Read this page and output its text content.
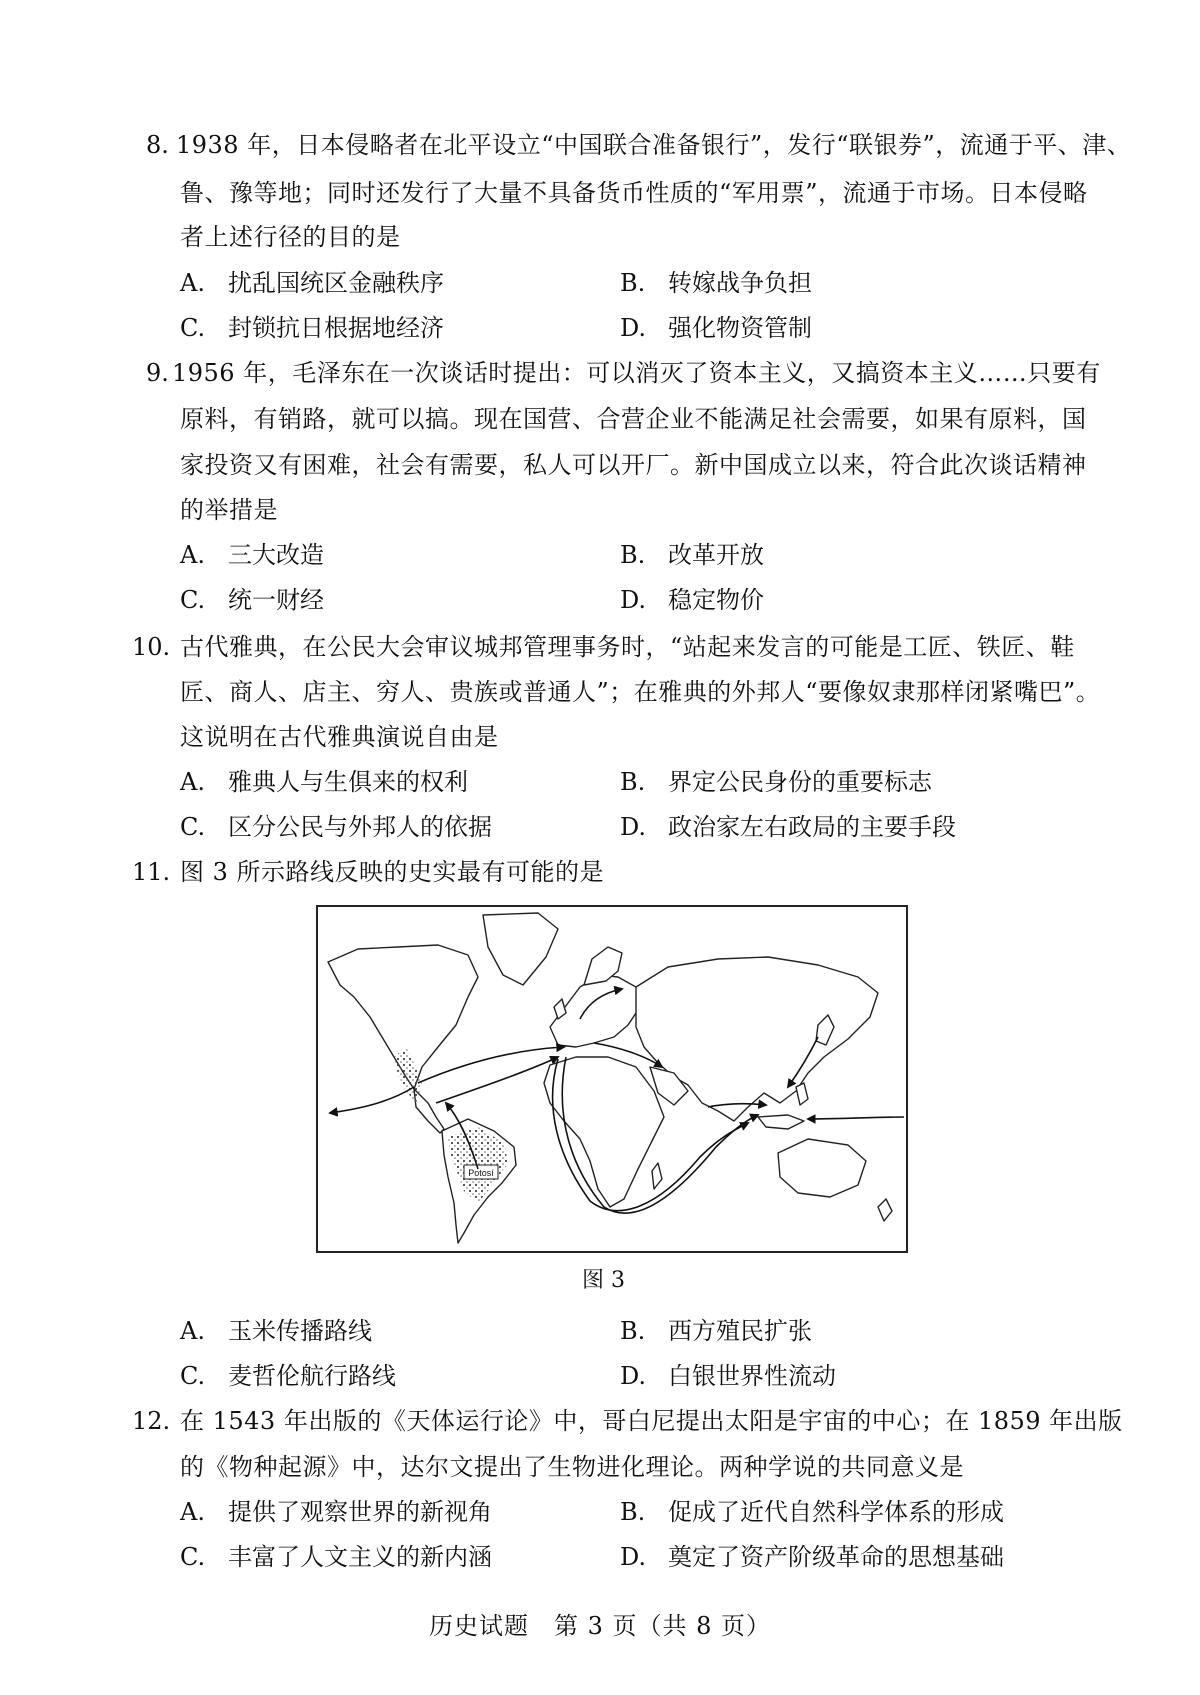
8. 1938 年，日本侵略者在北平设立“中国联合准备银行”，发行“联银券”，流通于平、津、
鲁、豫等地；同时还发行了大量不具备货币性质的“军用票”，流通于市场。日本侵略
者上述行径的目的是
A. 扰乱国统区金融秩序	B. 转嫁战争负担
C. 封锁抗日根据地经济	D. 强化物资管制
9. 1956 年，毛泽东在一次谈话时提出：可以消灭了资本主义，又搞资本主义……只要有
原料，有销路，就可以搞。现在国营、合营企业不能满足社会需要，如果有原料，国
家投资又有困难，社会有需要，私人可以开厂。新中国成立以来，符合此次谈话精神
的举措是
A. 三大改造	B. 改革开放
C. 统一财经	D. 稳定物价
10. 古代雅典，在公民大会审议城邦管理事务时，“站起来发言的可能是工匠、铁匠、鞋
匠、商人、店主、穷人、贵族或普通人”；在雅典的外邦人“要像奴隶那样闭紧嘴巴”。
这说明在古代雅典演说自由是
A. 雅典人与生俱来的权利	B. 界定公民身份的重要标志
C. 区分公民与外邦人的依据	D. 政治家左右政局的主要手段
11. 图 3 所示路线反映的史实最有可能的是
Potosí
图 3
A. 玉米传播路线	B. 西方殖民扩张
C. 麦哲伦航行路线	D. 白银世界性流动
12. 在 1543 年出版的《天体运行论》中，哥白尼提出太阳是宇宙的中心；在 1859 年出版
的《物种起源》中，达尔文提出了生物进化理论。两种学说的共同意义是
A. 提供了观察世界的新视角	B. 促成了近代自然科学体系的形成
C. 丰富了人文主义的新内涵	D. 奠定了资产阶级革命的思想基础
历史试题　第 3 页（共 8 页）
